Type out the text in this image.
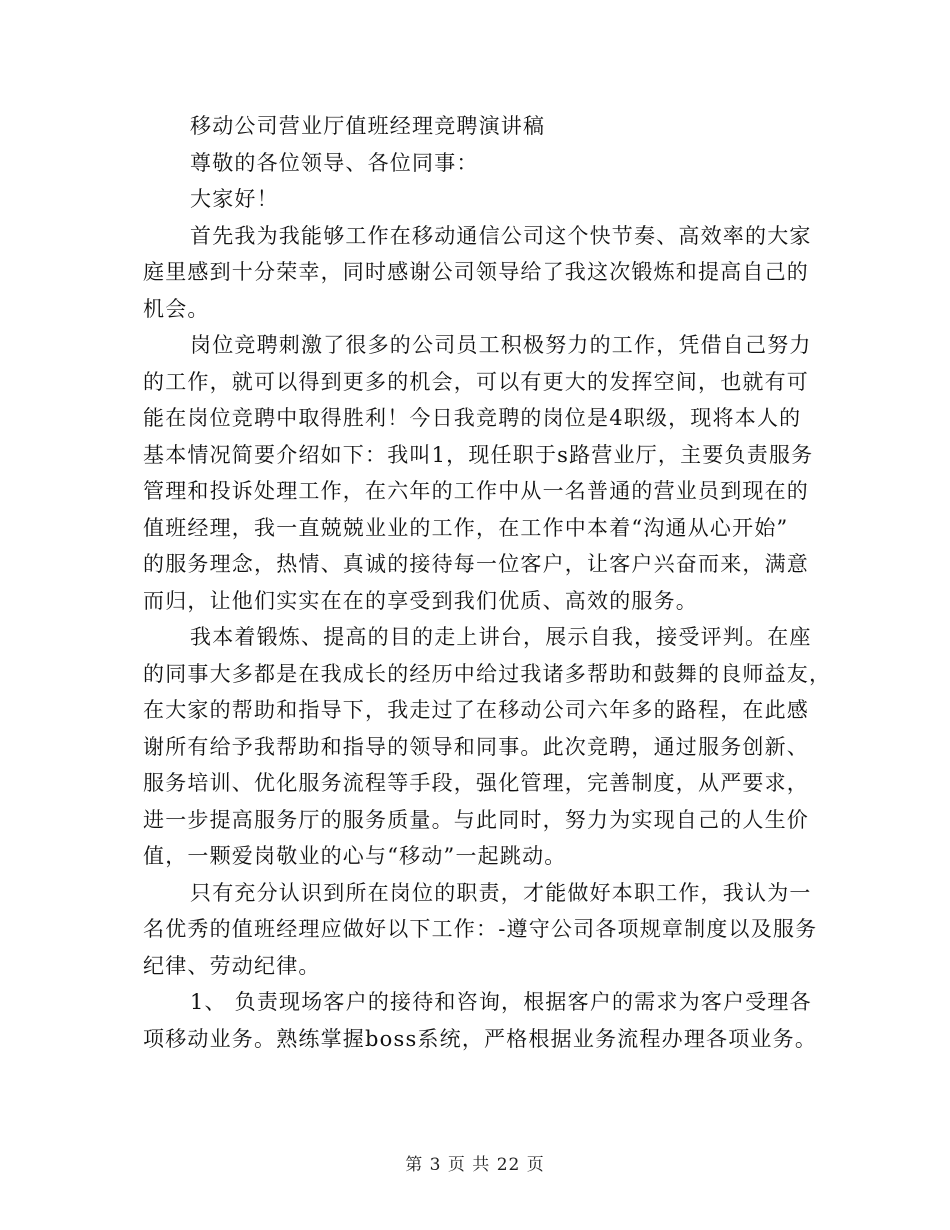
移动公司营业厅值班经理竞聘演讲稿
尊敬的各位领导、各位同事：
大家好！
首先我为我能够工作在移动通信公司这个快节奏、高效率的大家
庭里感到十分荣幸，同时感谢公司领导给了我这次锻炼和提高自己的
机会。
岗位竞聘刺激了很多的公司员工积极努力的工作，凭借自己努力
的工作，就可以得到更多的机会，可以有更大的发挥空间，也就有可
能在岗位竞聘中取得胜利！今日我竞聘的岗位是4职级，现将本人的
基本情况简要介绍如下：我叫1，现任职于s路营业厅，主要负责服务
管理和投诉处理工作，在六年的工作中从一名普通的营业员到现在的
值班经理，我一直兢兢业业的工作，在工作中本着“沟通从心开始”
的服务理念，热情、真诚的接待每一位客户，让客户兴奋而来，满意
而归，让他们实实在在的享受到我们优质、高效的服务。
我本着锻炼、提高的目的走上讲台，展示自我，接受评判。在座
的同事大多都是在我成长的经历中给过我诸多帮助和鼓舞的良师益友，
在大家的帮助和指导下，我走过了在移动公司六年多的路程，在此感
谢所有给予我帮助和指导的领导和同事。此次竞聘，通过服务创新、
服务培训、优化服务流程等手段，强化管理，完善制度，从严要求，
进一步提高服务厅的服务质量。与此同时，努力为实现自己的人生价
值，一颗爱岗敬业的心与“移动”一起跳动。
只有充分认识到所在岗位的职责，才能做好本职工作，我认为一
名优秀的值班经理应做好以下工作：-遵守公司各项规章制度以及服务
纪律、劳动纪律。
1、 负责现场客户的接待和咨询，根据客户的需求为客户受理各
项移动业务。熟练掌握boss系统，严格根据业务流程办理各项业务。
第 3 页 共 22 页
